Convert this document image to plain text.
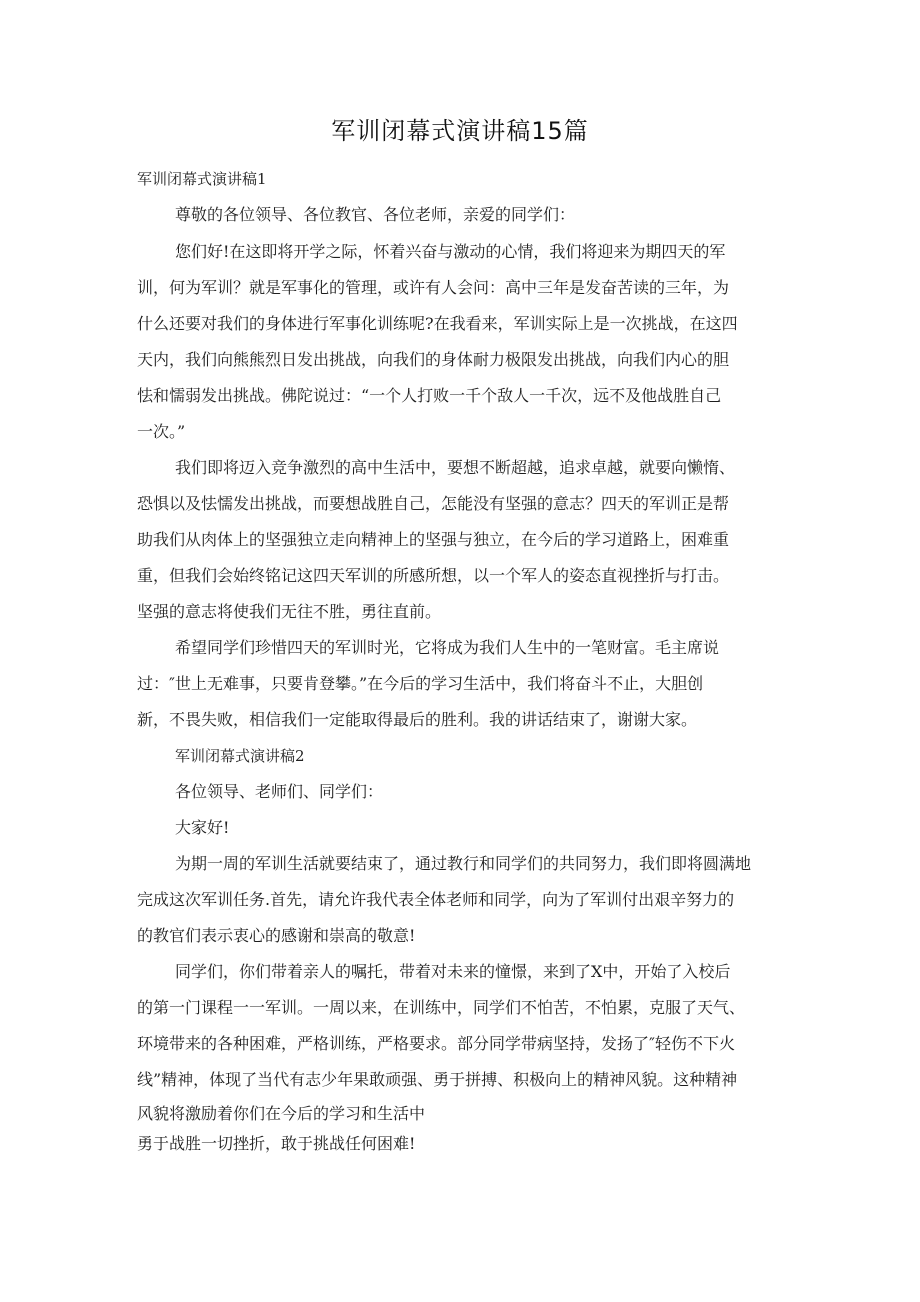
军训闭幕式演讲稿15篇
军训闭幕式演讲稿1
尊敬的各位领导、各位教官、各位老师，亲爱的同学们：
您们好!在这即将开学之际，怀着兴奋与激动的心情，我们将迎来为期四天的军
训，何为军训？就是军事化的管理，或许有人会问：高中三年是发奋苦读的三年，为
什么还要对我们的身体进行军事化训练呢?在我看来，军训实际上是一次挑战，在这四
天内，我们向熊熊烈日发出挑战，向我们的身体耐力极限发出挑战，向我们内心的胆
怯和懦弱发出挑战。佛陀说过：“一个人打败一千个敌人一千次，远不及他战胜自己
一次。”
我们即将迈入竞争激烈的高中生活中，要想不断超越，追求卓越，就要向懒惰、
恐惧以及怯懦发出挑战，而要想战胜自己，怎能没有坚强的意志？四天的军训正是帮
助我们从肉体上的坚强独立走向精神上的坚强与独立，在今后的学习道路上，困难重
重，但我们会始终铭记这四天军训的所感所想，以一个军人的姿态直视挫折与打击。
坚强的意志将使我们无往不胜，勇往直前。
希望同学们珍惜四天的军训时光，它将成为我们人生中的一笔财富。毛主席说
过：″世上无难事，只要肯登攀。”在今后的学习生活中，我们将奋斗不止，大胆创
新，不畏失败，相信我们一定能取得最后的胜利。我的讲话结束了，谢谢大家。
军训闭幕式演讲稿2
各位领导、老师们、同学们：
大家好!
为期一周的军训生活就要结束了，通过教行和同学们的共同努力，我们即将圆满地
完成这次军训任务.首先，请允许我代表全体老师和同学，向为了军训付出艰辛努力的
的教官们表示衷心的感谢和崇高的敬意!
同学们，你们带着亲人的嘱托，带着对未来的憧憬，来到了X中，开始了入校后
的第一门课程一一军训。一周以来，在训练中，同学们不怕苦，不怕累，克服了天气、
环境带来的各种困难，严格训练，严格要求。部分同学带病坚持，发扬了″轻伤不下火
线”精神，体现了当代有志少年果敢顽强、勇于拼搏、积极向上的精神风貌。这种精神
风貌将激励着你们在今后的学习和生活中
勇于战胜一切挫折，敢于挑战任何困难!
